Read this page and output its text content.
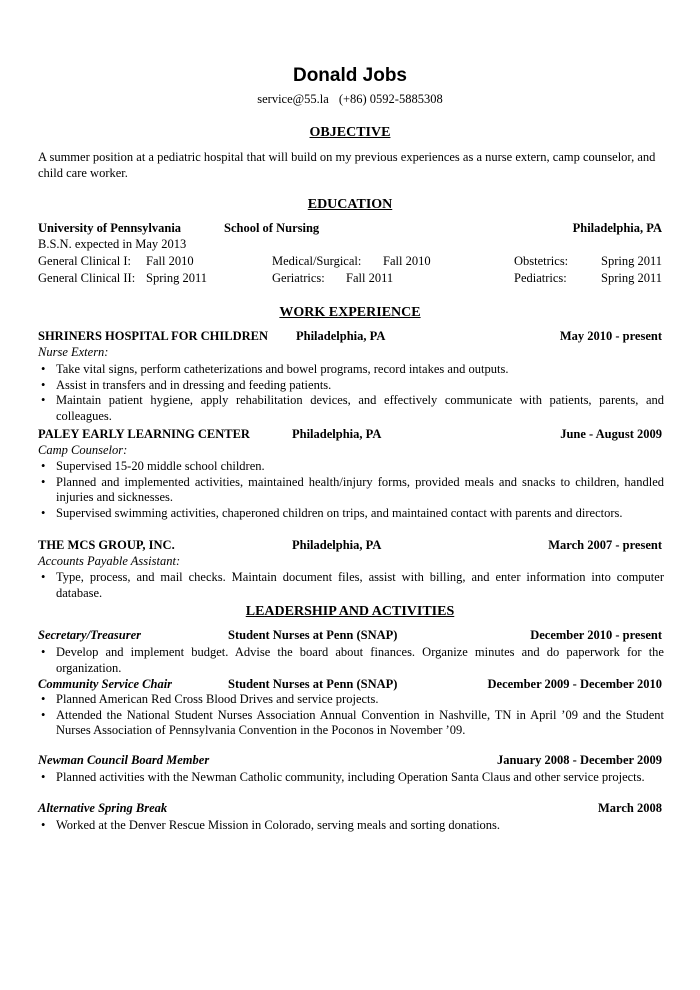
Donald Jobs
service@55.la (+86) 0592-5885308
OBJECTIVE
A summer position at a pediatric hospital that will build on my previous experiences as a nurse extern, camp counselor, and child care worker.
EDUCATION
University of Pennsylvania	School of Nursing	Philadelphia, PA
B.S.N. expected in May 2013
General Clinical I: Fall 2010	Medical/Surgical: Fall 2010	Obstetrics:	Spring 2011
General Clinical II: Spring 2011	Geriatrics: Fall 2011	Pediatrics:	Spring 2011
WORK EXPERIENCE
SHRINERS HOSPITAL FOR CHILDREN Philadelphia, PA	May 2010 - present
Nurse Extern:
• Take vital signs, perform catheterizations and bowel programs, record intakes and outputs.
• Assist in transfers and in dressing and feeding patients.
• Maintain patient hygiene, apply rehabilitation devices, and effectively communicate with patients, parents, and colleagues.
PALEY EARLY LEARNING CENTER	Philadelphia, PA	June - August 2009
Camp Counselor:
• Supervised 15-20 middle school children.
• Planned and implemented activities, maintained health/injury forms, provided meals and snacks to children, handled injuries and sicknesses.
• Supervised swimming activities, chaperoned children on trips, and maintained contact with parents and directors.
THE MCS GROUP, INC.	Philadelphia, PA	March 2007 - present
Accounts Payable Assistant:
• Type, process, and mail checks. Maintain document files, assist with billing, and enter information into computer database.
LEADERSHIP AND ACTIVITIES
Secretary/Treasurer	Student Nurses at Penn (SNAP)	December 2010 - present
• Develop and implement budget. Advise the board about finances. Organize minutes and do paperwork for the organization.
Community Service Chair	Student Nurses at Penn (SNAP)	December 2009 - December 2010
• Planned American Red Cross Blood Drives and service projects.
• Attended the National Student Nurses Association Annual Convention in Nashville, TN in April ’09 and the Student Nurses Association of Pennsylvania Convention in the Poconos in November ’09.
Newman Council Board Member	January 2008 - December 2009
• Planned activities with the Newman Catholic community, including Operation Santa Claus and other service projects.
Alternative Spring Break	March 2008
• Worked at the Denver Rescue Mission in Colorado, serving meals and sorting donations.
